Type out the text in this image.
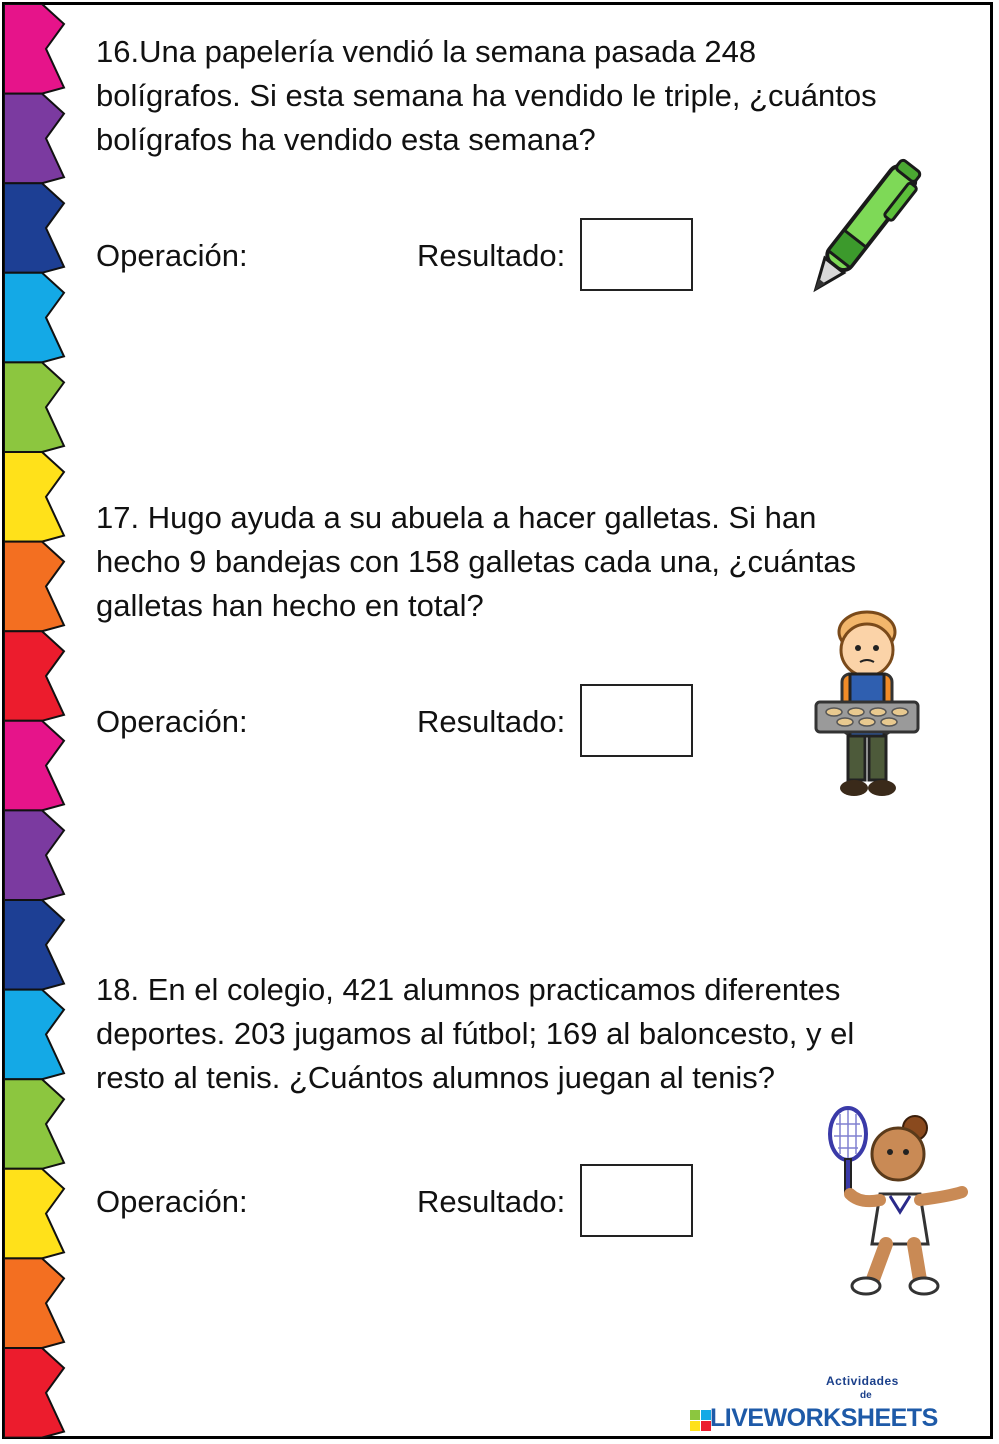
16.Una papelería vendió la semana pasada 248
bolígrafos. Si esta semana ha vendido le triple, ¿cuántos
bolígrafos ha vendido esta semana?

Operación:	Resultado:

17. Hugo ayuda a su abuela a hacer galletas. Si han
hecho 9 bandejas con 158 galletas cada una, ¿cuántas
galletas han hecho en total?

Operación:	Resultado:

18. En el colegio, 421 alumnos practicamos diferentes
deportes. 203 jugamos al fútbol; 169 al baloncesto, y el
resto al tenis. ¿Cuántos alumnos juegan al tenis?

Operación:	Resultado:
Actividades
de
LIVEWORKSHEETS
